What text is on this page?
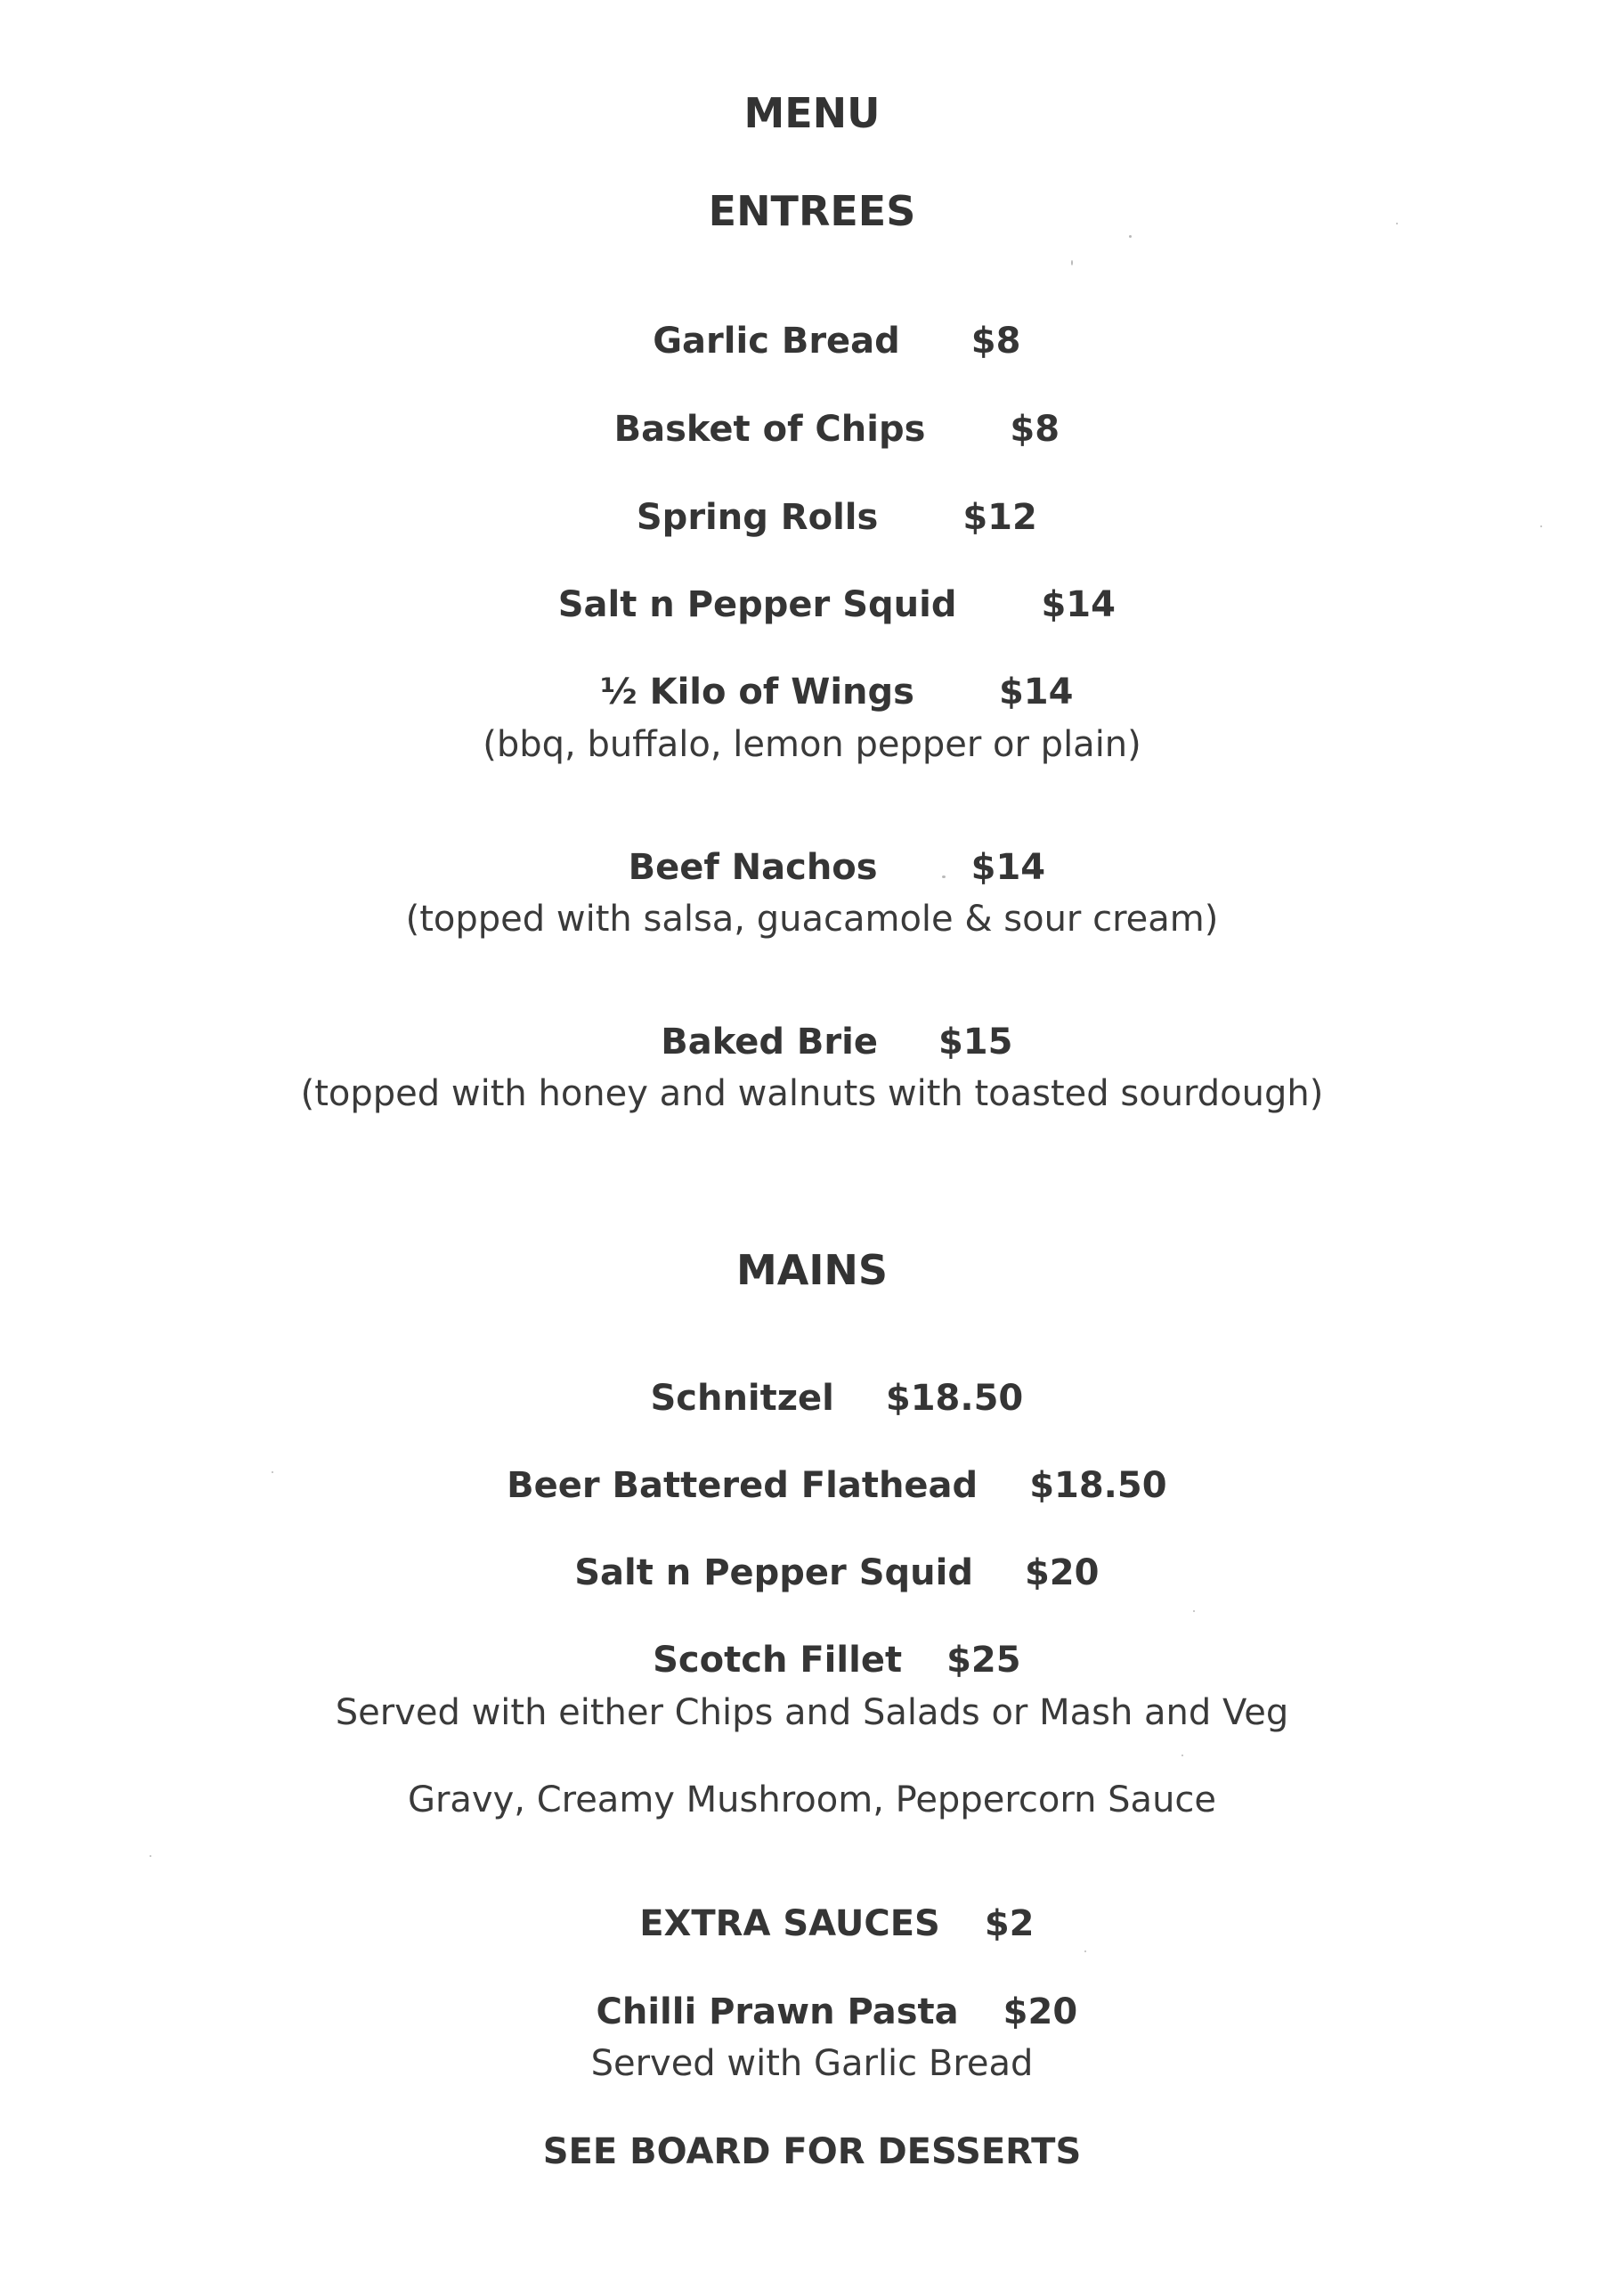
MENU
ENTREES

Garlic Bread $8

Basket of Chips $8

Spring Rolls $12

Salt n Pepper Squid $14

½ Kilo of Wings $14

(bbq, buffalo, lemon pepper or plain)

Beef Nachos	$14

(topped with salsa, guacamole & sour cream)

Baked Brie $15

(topped with honey and walnuts with toasted sourdough)
MAINS

Schnitzel $18.50

Beer Battered Flathead $18.50

Salt n Pepper Squid $20

Scotch Fillet $25

Served with either Chips and Salads or Mash and Veg
Gravy, Creamy Mushroom, Peppercorn Sauce

EXTRA SAUCES $2

Chilli Prawn Pasta $20

Served with Garlic Bread
SEE BOARD FOR DESSERTS
